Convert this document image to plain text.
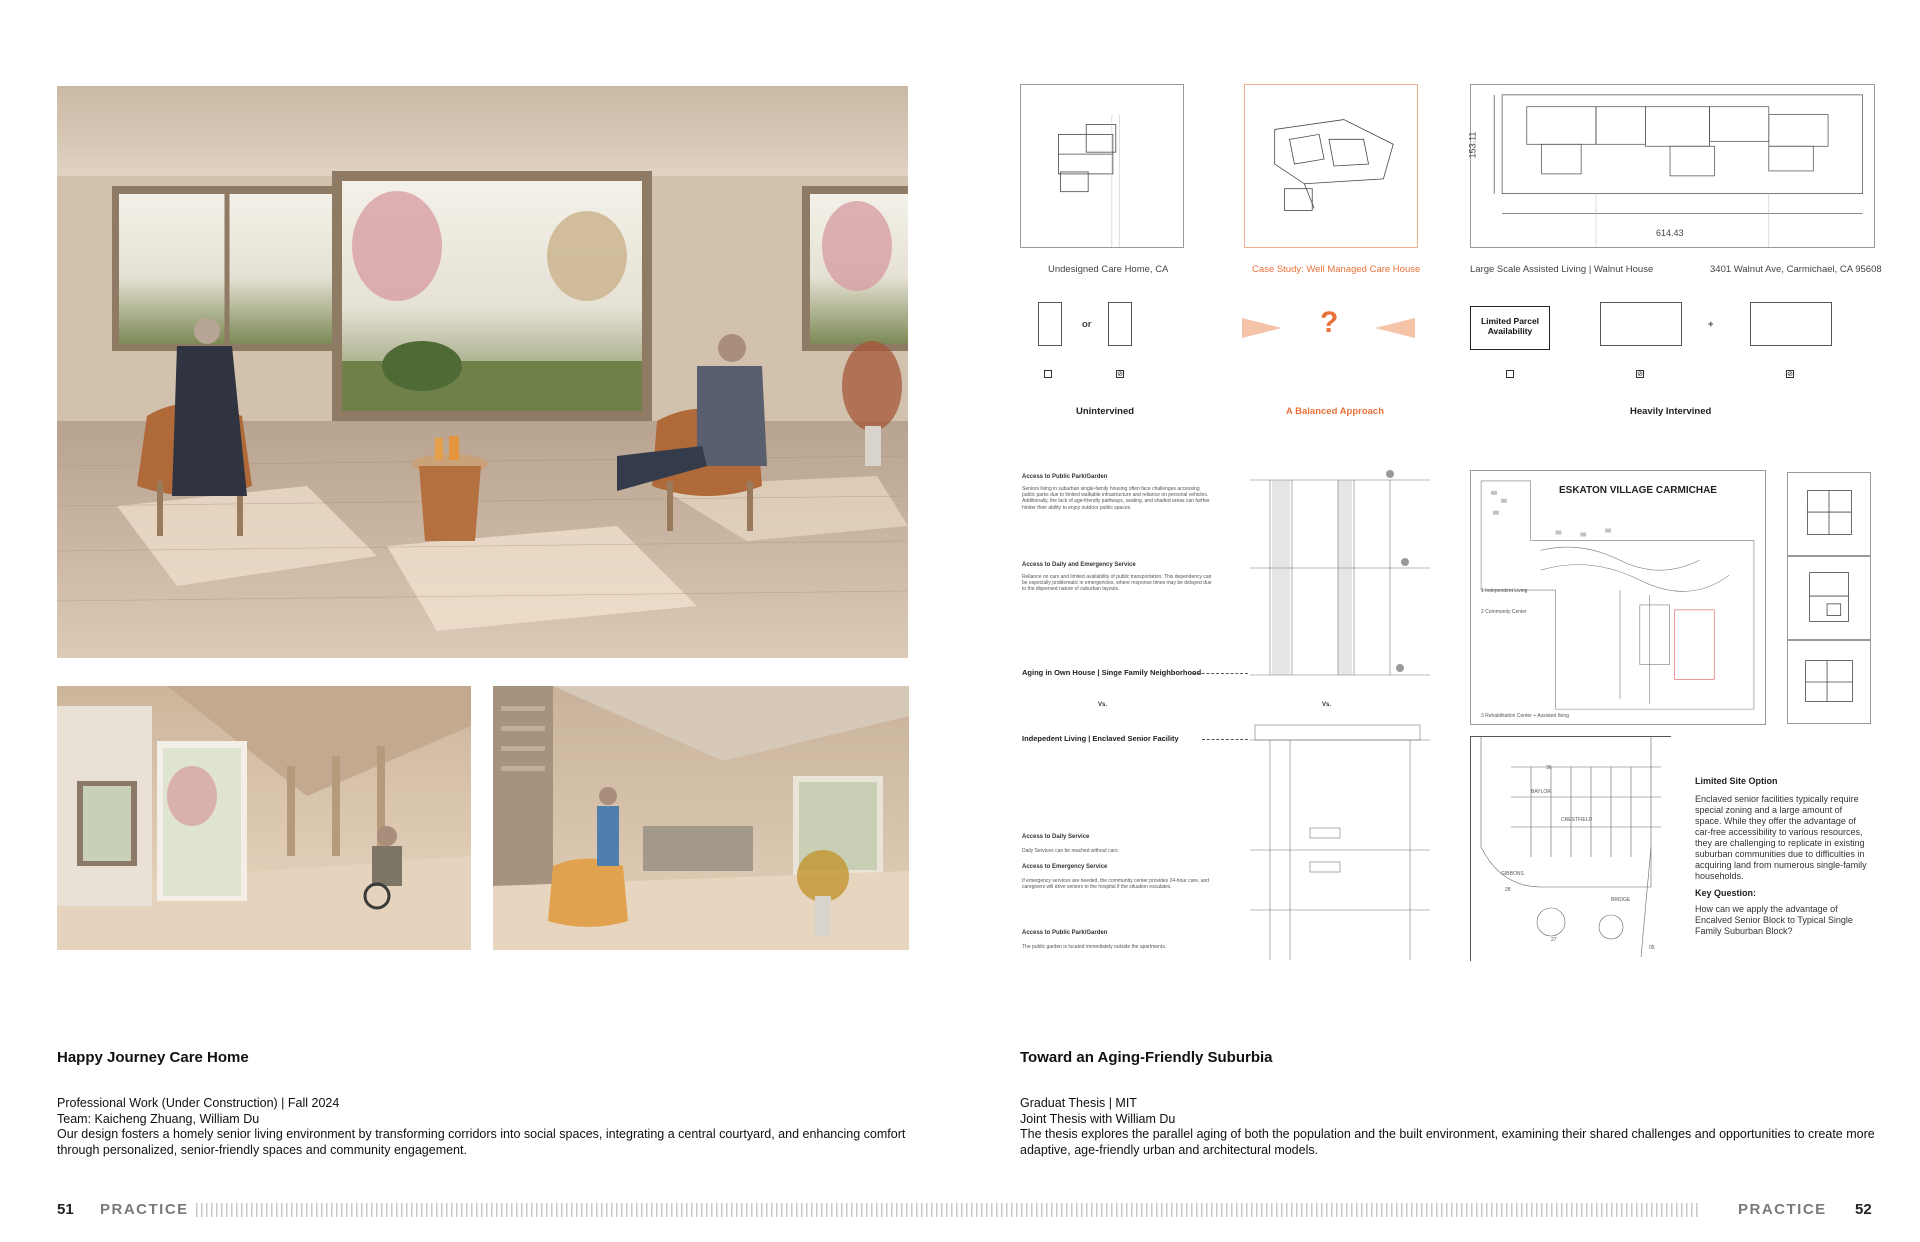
Happy Journey Care Home
Professional Work (Under Construction) | Fall 2024
Team: Kaicheng Zhuang, William Du
Our design fosters a homely senior living environment by transforming corridors into social spaces, integrating a central courtyard, and enhancing comfort through personalized, senior-friendly spaces and community engagement.
153.11
614.43
Undesigned Care Home, CA	Case Study: Well Managed Care House	Large Scale Assisted Living | Walnut House	3401 Walnut Ave, Carmichael, CA 95608
or	?	Limited Parcel Availability
+
⊘	⊘	⊘
Unintervined	A Balanced Approach	Heavily Intervined
Access to Public Park/Garden
Seniors living in suburban single-family housing often face challenges accessing public parks due to limited walkable infrastructure and reliance on personal vehicles. Additionally, the lack of age-friendly pathways, seating, and shaded areas can further hinder their ability to enjoy outdoor public spaces.
Access to Daily and Emergency Service
Reliance on cars and limited availability of public transportation. This dependency can be especially problematic in emergencies, where response times may be delayed due to the dispersed nature of suburban layouts.
Aging in Own House | Singe Family Neighborhood
Vs.	Vs.
Indepedent Living | Enclaved Senior Facility
Access to Daily Service
Daily Services can be reached without cars.
Access to Emergency Service
If emergency services are needed, the community center provides 24-hour care, and caregivers will drive seniors to the hospital if the situation escalates.
Access to Public Park/Garden
The public garden is located immediately outside the apartments.
ESKATON VILLAGE CARMICHAE
1 Independent Living
2 Community Center
3 Rehabilitation Center + Assisted living
36
28
27
05
BAYLOR
CRESTFIELD
GIBBONS
BRIDGE
Limited Site Option
Enclaved senior facilities typically require special zoning and a large amount of space. While they offer the advantage of car-free accessibility to various resources, they are challenging to replicate in existing suburban communities due to difficulties in acquiring land from numerous single-family households.
Key Question:
How can we apply the advantage of Encalved Senior Block to Typical Single Family Suburban Block?
Toward an Aging-Friendly Suburbia
Graduat Thesis | MIT
Joint Thesis with William Du
The thesis explores the parallel aging of both the population and the built environment, examining their shared challenges and opportunities to create more adaptive, age-friendly urban and architectural models.
51 PRACTICE	PRACTICE 52
